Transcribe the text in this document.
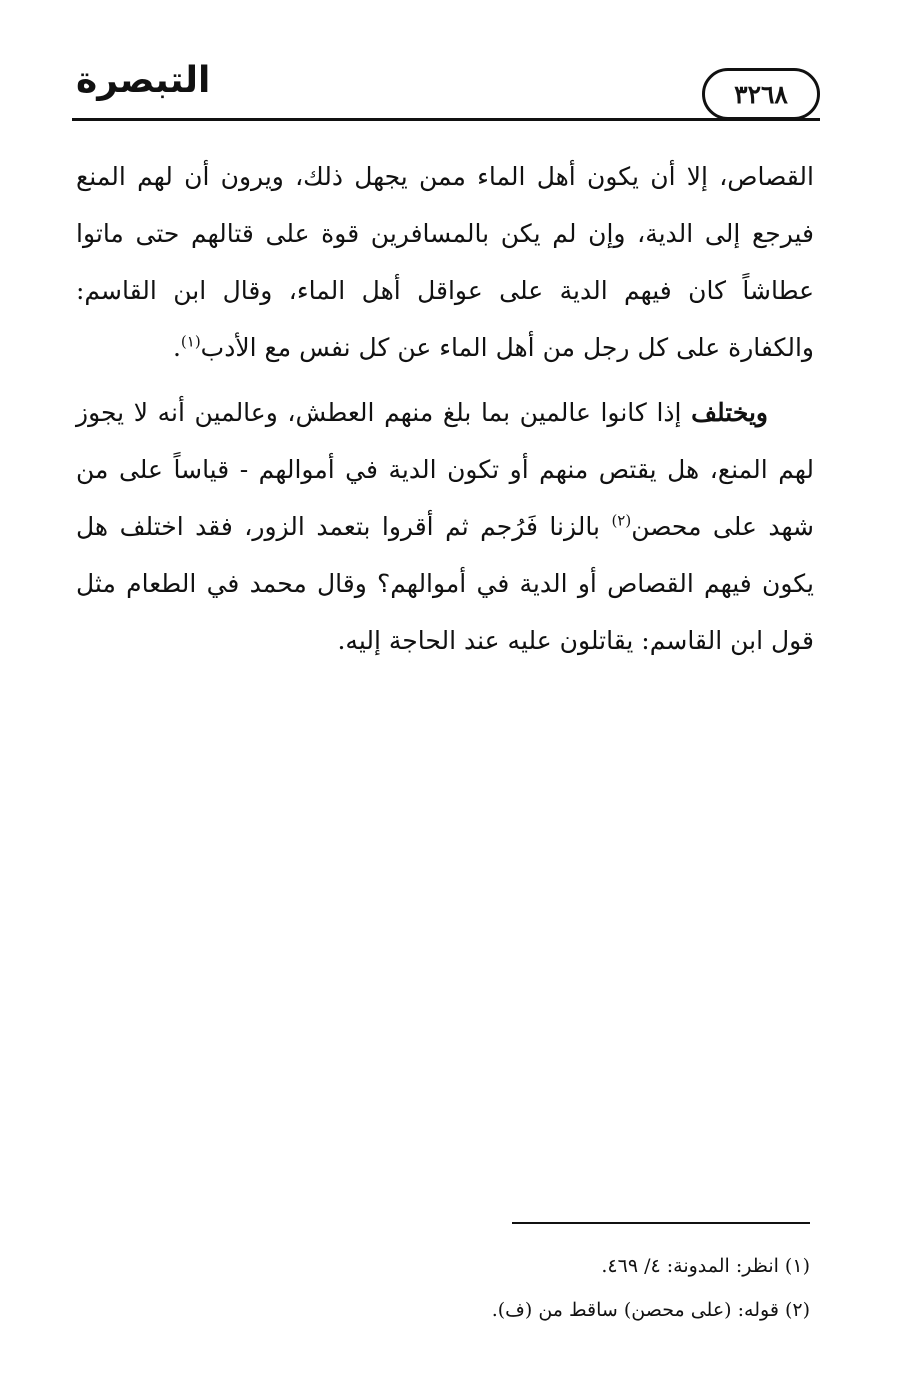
التبصرة	٣٢٦٨

القصاص، إلا أن يكون أهل الماء ممن يجهل ذلك، ويرون أن لهم المنع فيرجع إلى الدية، وإن لم يكن بالمسافرين قوة على قتالهم حتى ماتوا عطاشاً كان فيهم الدية على عواقل أهل الماء، وقال ابن القاسم: والكفارة على كل رجل من أهل الماء عن كل نفس مع الأدب$^{(١)}$.

ويختلف إذا كانوا عالمين بما بلغ منهم العطش، وعالمين أنه لا يجوز لهم المنع، هل يقتص منهم أو تكون الدية في أموالهم - قياساً على من شهد على محصن$^{(٢)}$ بالزنا فَرُجم ثم أقروا بتعمد الزور، فقد اختلف هل يكون فيهم القصاص أو الدية في أموالهم؟ وقال محمد في الطعام مثل قول ابن القاسم: يقاتلون عليه عند الحاجة إليه.

(١) انظر: المدونة: ٤/ ٤٦٩.

(٢) قوله: (على محصن) ساقط من (ف).
